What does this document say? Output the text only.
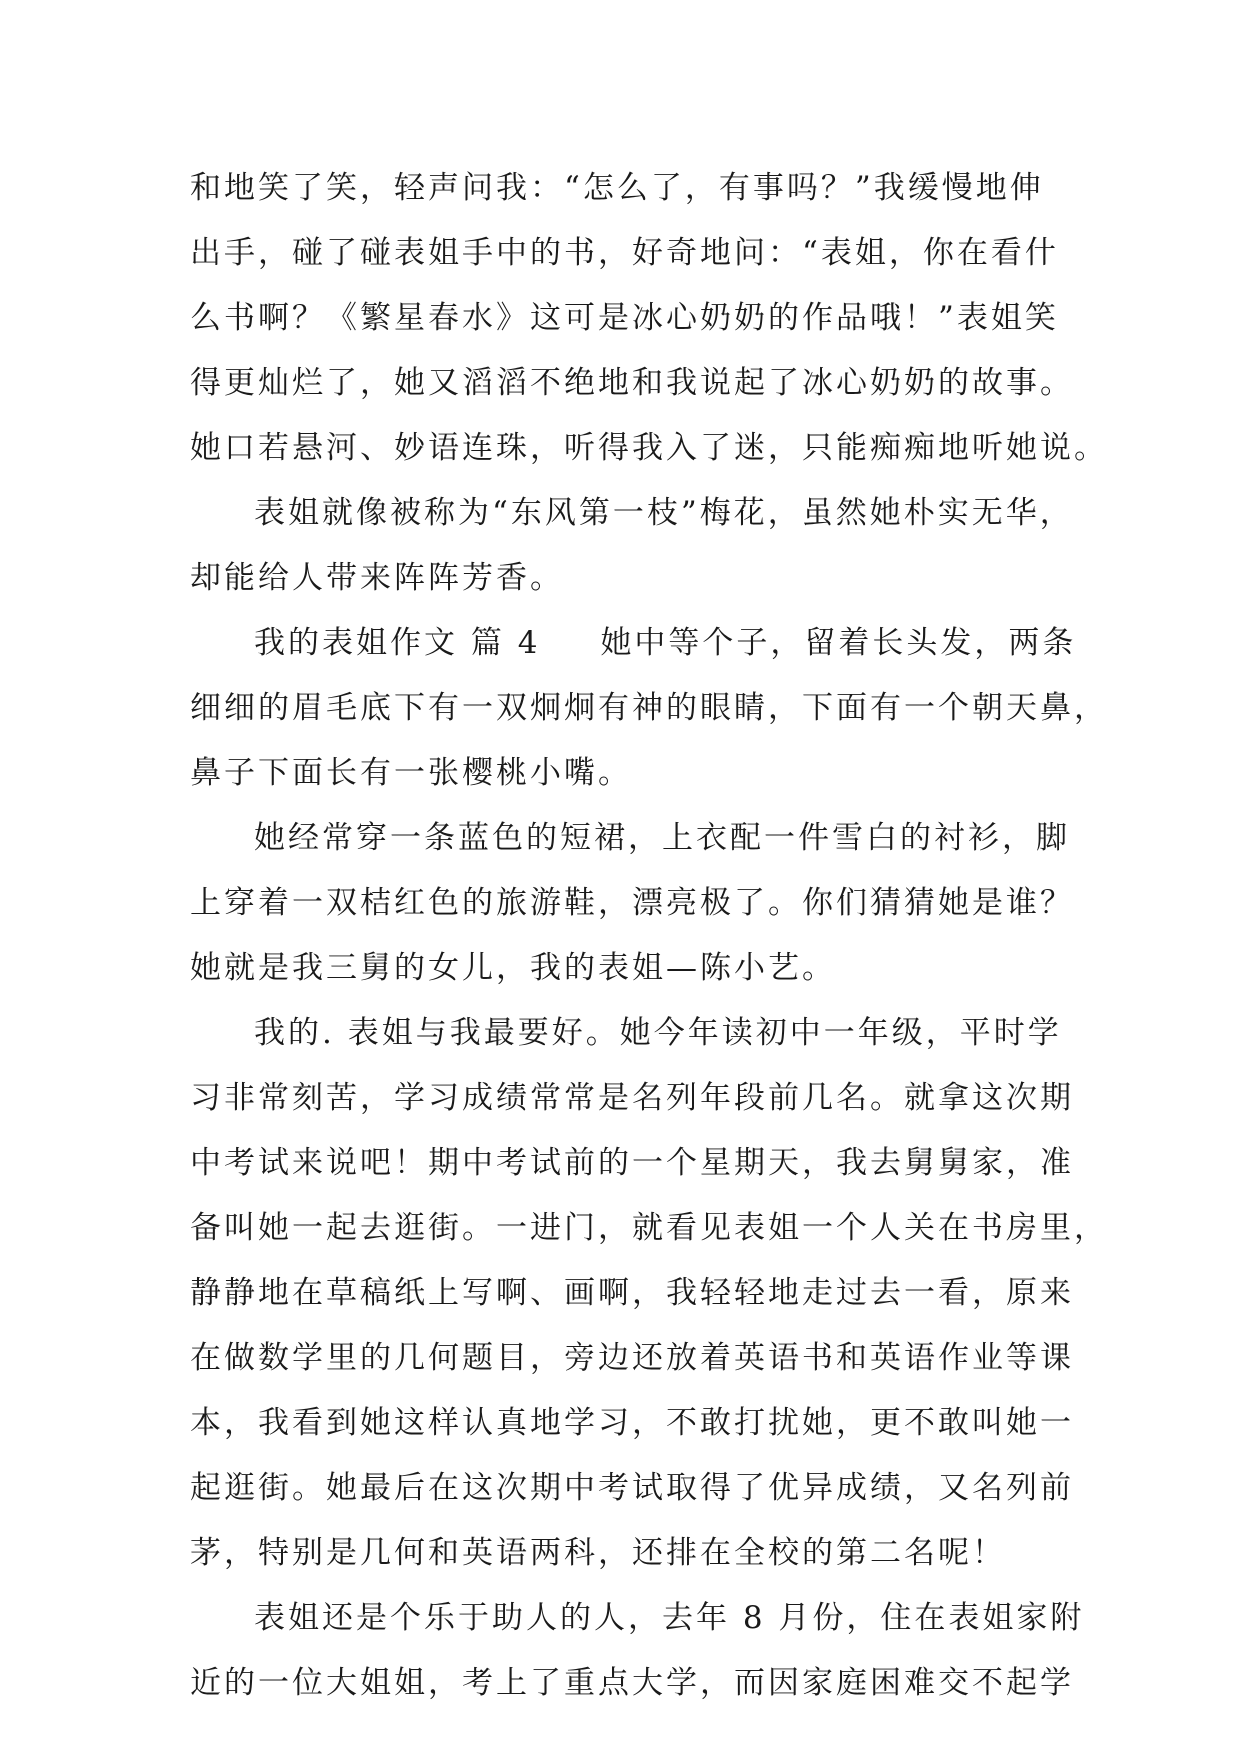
和地笑了笑，轻声问我：“怎么了，有事吗？”我缓慢地伸
出手，碰了碰表姐手中的书，好奇地问：“表姐，你在看什
么书啊？《繁星春水》这可是冰心奶奶的作品哦！”表姐笑
得更灿烂了，她又滔滔不绝地和我说起了冰心奶奶的故事。
她口若悬河、妙语连珠，听得我入了迷，只能痴痴地听她说。
表姐就像被称为“东风第一枝”梅花，虽然她朴实无华，
却能给人带来阵阵芳香。
我的表姐作文 篇 4 她中等个子，留着长头发，两条
细细的眉毛底下有一双炯炯有神的眼睛，下面有一个朝天鼻，
鼻子下面长有一张樱桃小嘴。
她经常穿一条蓝色的短裙，上衣配一件雪白的衬衫，脚
上穿着一双桔红色的旅游鞋，漂亮极了。你们猜猜她是谁？
她就是我三舅的女儿，我的表姐—陈小艺。
我的. 表姐与我最要好。她今年读初中一年级，平时学
习非常刻苦，学习成绩常常是名列年段前几名。就拿这次期
中考试来说吧！期中考试前的一个星期天，我去舅舅家，准
备叫她一起去逛街。一进门，就看见表姐一个人关在书房里，
静静地在草稿纸上写啊、画啊，我轻轻地走过去一看，原来
在做数学里的几何题目，旁边还放着英语书和英语作业等课
本，我看到她这样认真地学习，不敢打扰她，更不敢叫她一
起逛街。她最后在这次期中考试取得了优异成绩，又名列前
茅，特别是几何和英语两科，还排在全校的第二名呢！
表姐还是个乐于助人的人，去年 8 月份，住在表姐家附
近的一位大姐姐，考上了重点大学，而因家庭困难交不起学
